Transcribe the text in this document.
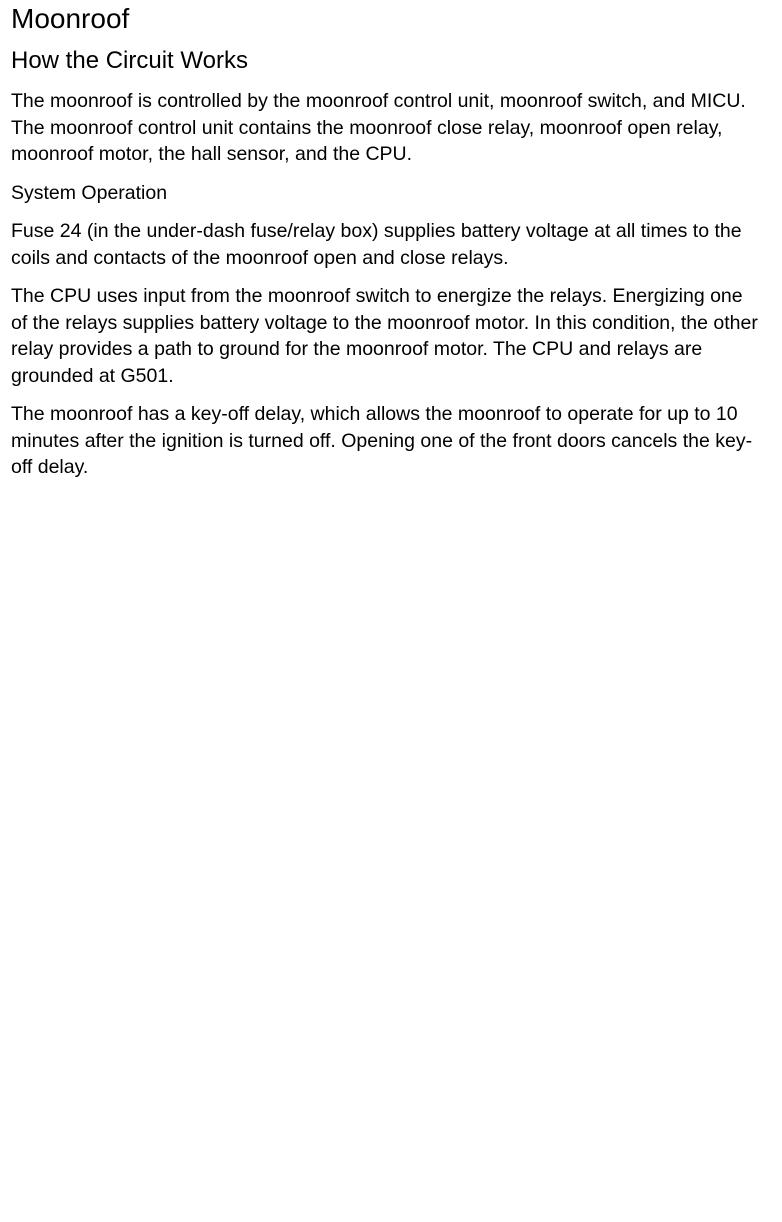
Moonroof
How the Circuit Works

The moonroof is controlled by the moonroof control unit, moonroof switch, and MICU. The moonroof control unit contains the moonroof close relay, moonroof open relay, moonroof motor, the hall sensor, and the CPU.

System Operation

Fuse 24 (in the under-dash fuse/relay box) supplies battery voltage at all times to the coils and contacts of the moonroof open and close relays.

The CPU uses input from the moonroof switch to energize the relays. Energizing one of the relays supplies battery voltage to the moonroof motor. In this condition, the other relay provides a path to ground for the moonroof motor. The CPU and relays are grounded at G501.

The moonroof has a key-off delay, which allows the moonroof to operate for up to 10 minutes after the ignition is turned off. Opening one of the front doors cancels the key-off delay.
